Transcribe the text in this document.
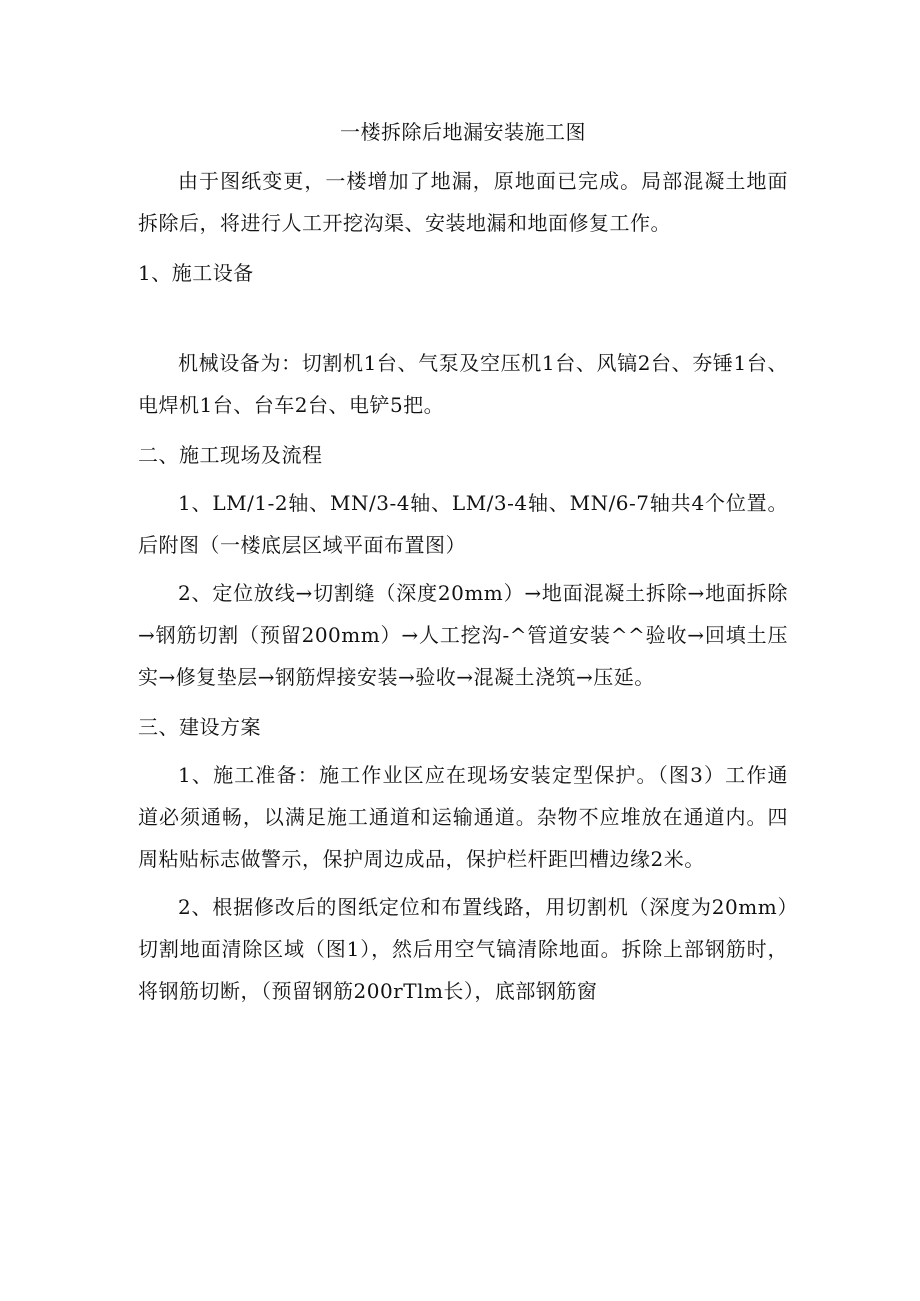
一楼拆除后地漏安装施工图

由于图纸变更，一楼增加了地漏，原地面已完成。局部混凝土地面拆除后，将进行人工开挖沟渠、安装地漏和地面修复工作。

1、施工设备

机械设备为：切割机1台、气泵及空压机1台、风镐2台、夯锤1台、电焊机1台、台车2台、电铲5把。

二、施工现场及流程

1、LM/1-2轴、MN/3-4轴、LM/3-4轴、MN/6-7轴共4个位置。后附图（一楼底层区域平面布置图）

2、定位放线→切割缝（深度20mm）→地面混凝土拆除→地面拆除→钢筋切割（预留200mm）→人工挖沟-^管道安装^^验收→回填土压实→修复垫层→钢筋焊接安装→验收→混凝土浇筑→压延。

三、建设方案

1、施工准备：施工作业区应在现场安装定型保护。（图3）工作通道必须通畅，以满足施工通道和运输通道。杂物不应堆放在通道内。四周粘贴标志做警示，保护周边成品，保护栏杆距凹槽边缘2米。

2、根据修改后的图纸定位和布置线路，用切割机（深度为20mm）切割地面清除区域（图1），然后用空气镐清除地面。拆除上部钢筋时，将钢筋切断，（预留钢筋200rTlm长），底部钢筋窗
